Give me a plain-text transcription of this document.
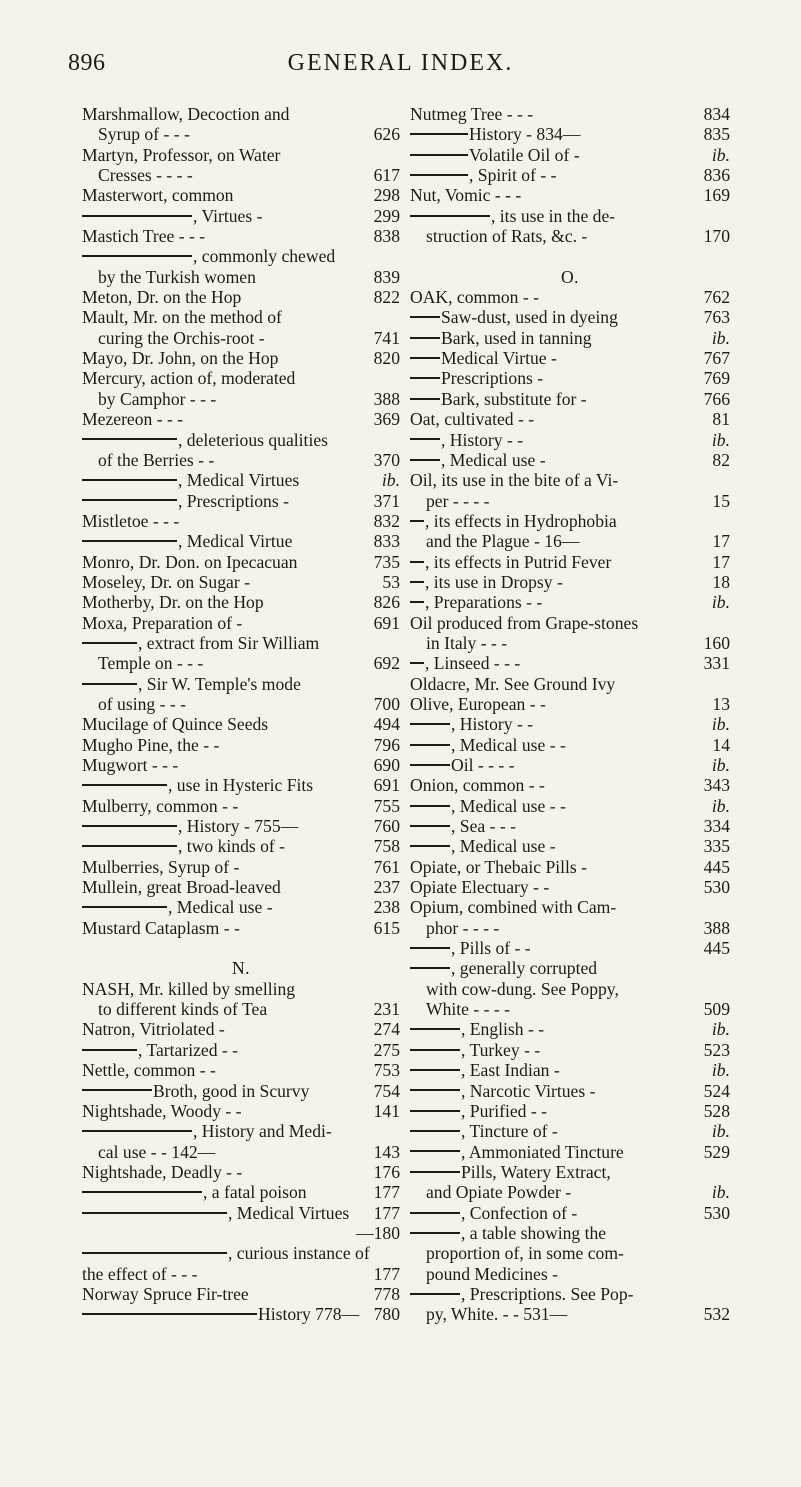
896	GENERAL INDEX.
Marshmallow, Decoction and
Syrup of - - -	626
Martyn, Professor, on Water
Cresses - - - -	617
Masterwort, common	298
, Virtues -	299
Mastich Tree - - -	838
, commonly chewed
by the Turkish women	839
Meton, Dr. on the Hop	822
Mault, Mr. on the method of
curing the Orchis-root -	741
Mayo, Dr. John, on the Hop	820
Mercury, action of, moderated
by Camphor - - -	388
Mezereon - - -	369
, deleterious qualities
of the Berries - -	370
, Medical Virtues	ib.
, Prescriptions -	371
Mistletoe - - -	832
, Medical Virtue	833
Monro, Dr. Don. on Ipecacuan	735
Moseley, Dr. on Sugar -	53
Motherby, Dr. on the Hop	826
Moxa, Preparation of -	691
, extract from Sir William
Temple on - - -	692
, Sir W. Temple's mode
of using - - -	700
Mucilage of Quince Seeds	494
Mugho Pine, the - -	796
Mugwort - - -	690
, use in Hysteric Fits	691
Mulberry, common - -	755
, History - 755—	760
, two kinds of -	758
Mulberries, Syrup of -	761
Mullein, great Broad-leaved	237
, Medical use -	238
Mustard Cataplasm - -	615
N.
NASH, Mr. killed by smelling
to different kinds of Tea	231
Natron, Vitriolated -	274
, Tartarized - -	275
Nettle, common - -	753
Broth, good in Scurvy	754
Nightshade, Woody - -	141
, History and Medi-
cal use - - 142—	143
Nightshade, Deadly - -	176
, a fatal poison	177
, Medical Virtues 177
—180
, curious instance of
the effect of - - -	177
Norway Spruce Fir-tree	778
History 778— 780
Nutmeg Tree - - -	834
History - 834—	835
Volatile Oil of -	ib.
, Spirit of - -	836
Nut, Vomic - - -	169
, its use in the de-
struction of Rats, &c. -	170
O.
OAK, common - -	762
Saw-dust, used in dyeing	763
Bark, used in tanning	ib.
Medical Virtue -	767
Prescriptions -	769
Bark, substitute for -	766
Oat, cultivated - -	81
, History - -	ib.
, Medical use -	82
Oil, its use in the bite of a Vi-
per - - - -	15
, its effects in Hydrophobia
and the Plague - 16—	17
, its effects in Putrid Fever	17
, its use in Dropsy -	18
, Preparations - -	ib.
Oil produced from Grape-stones
in Italy - - -	160
, Linseed - - -	331
Oldacre, Mr. See Ground Ivy
Olive, European - -	13
, History - -	ib.
, Medical use - -	14
Oil - - - -	ib.
Onion, common - -	343
, Medical use - -	ib.
, Sea - - -	334
, Medical use -	335
Opiate, or Thebaic Pills -	445
Opiate Electuary - -	530
Opium, combined with Cam-
phor - - - -	388
, Pills of - -	445
, generally corrupted
with cow-dung. See Poppy,
White - - - -	509
, English - -	ib.
, Turkey - -	523
, East Indian -	ib.
, Narcotic Virtues -	524
, Purified - -	528
, Tincture of -	ib.
, Ammoniated Tincture	529
Pills, Watery Extract,
and Opiate Powder -	ib.
, Confection of -	530
, a table showing the
proportion of, in some com-
pound Medicines -
, Prescriptions. See Pop-
py, White. - - 531—	532
